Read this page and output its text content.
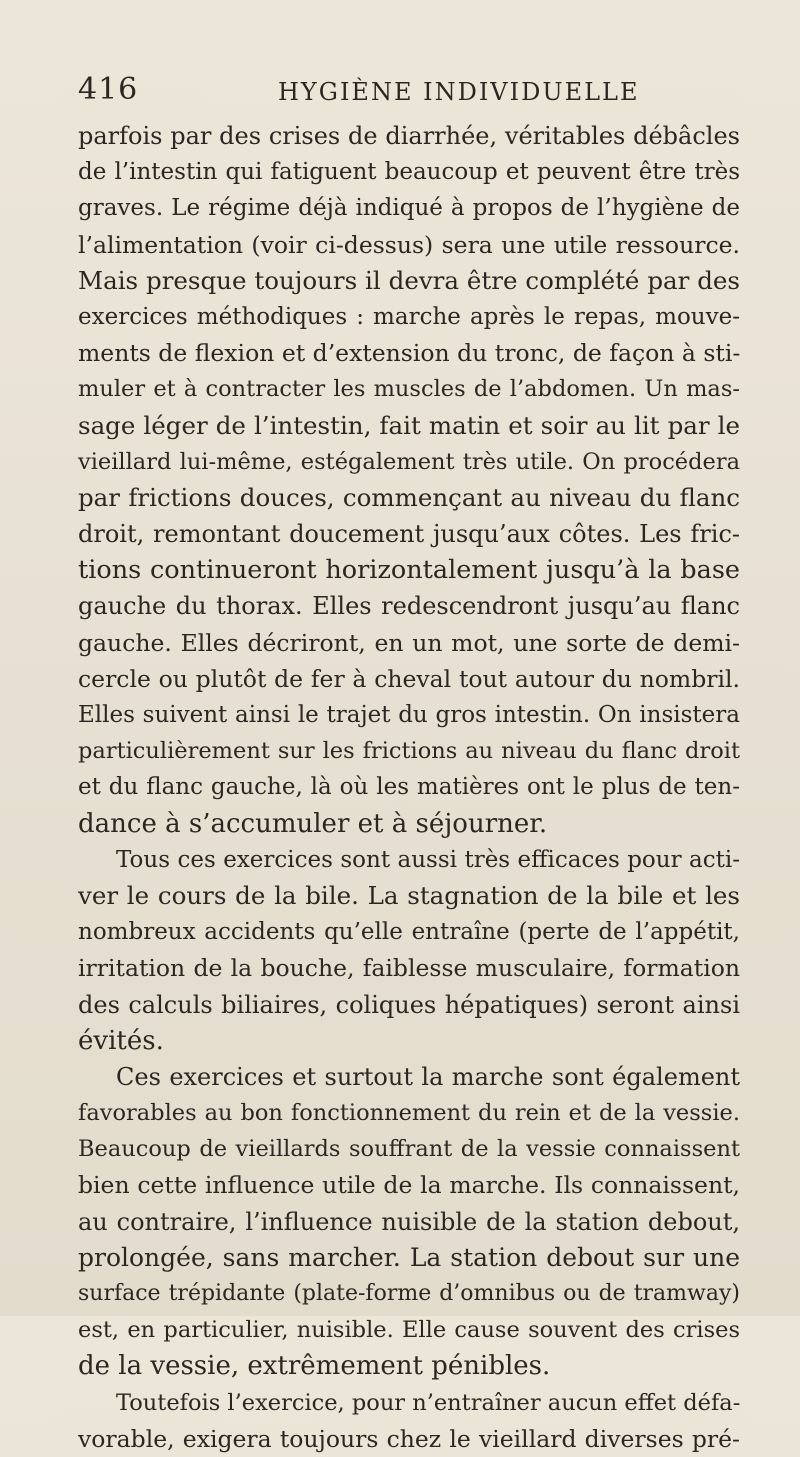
416	HYGIÈNE INDIVIDUELLE
parfois par des crises de diarrhée, véritables débâcles
de l’intestin qui fatiguent beaucoup et peuvent être très
graves. Le régime déjà indiqué à propos de l’hygiène de
l’alimentation (voir ci-dessus) sera une utile ressource.
Mais presque toujours il devra être complété par des
exercices méthodiques : marche après le repas, mouve-
ments de flexion et d’extension du tronc, de façon à sti-
muler et à contracter les muscles de l’abdomen. Un mas-
sage léger de l’intestin, fait matin et soir au lit par le
vieillard lui-même, estégalement très utile. On procédera
par frictions douces, commençant au niveau du flanc
droit, remontant doucement jusqu’aux côtes. Les fric-
tions continueront horizontalement jusqu’à la base
gauche du thorax. Elles redescendront jusqu’au flanc
gauche. Elles décriront, en un mot, une sorte de demi-
cercle ou plutôt de fer à cheval tout autour du nombril.
Elles suivent ainsi le trajet du gros intestin. On insistera
particulièrement sur les frictions au niveau du flanc droit
et du flanc gauche, là où les matières ont le plus de ten-
dance à s’accumuler et à séjourner.
Tous ces exercices sont aussi très efficaces pour acti-
ver le cours de la bile. La stagnation de la bile et les
nombreux accidents qu’elle entraîne (perte de l’appétit,
irritation de la bouche, faiblesse musculaire, formation
des calculs biliaires, coliques hépatiques) seront ainsi
évités.
Ces exercices et surtout la marche sont également
favorables au bon fonctionnement du rein et de la vessie.
Beaucoup de vieillards souffrant de la vessie connaissent
bien cette influence utile de la marche. Ils connaissent,
au contraire, l’influence nuisible de la station debout,
prolongée, sans marcher. La station debout sur une
surface trépidante (plate-forme d’omnibus ou de tramway)
est, en particulier, nuisible. Elle cause souvent des crises
de la vessie, extrêmement pénibles.
Toutefois l’exercice, pour n’entraîner aucun effet défa-
vorable, exigera toujours chez le vieillard diverses pré-
